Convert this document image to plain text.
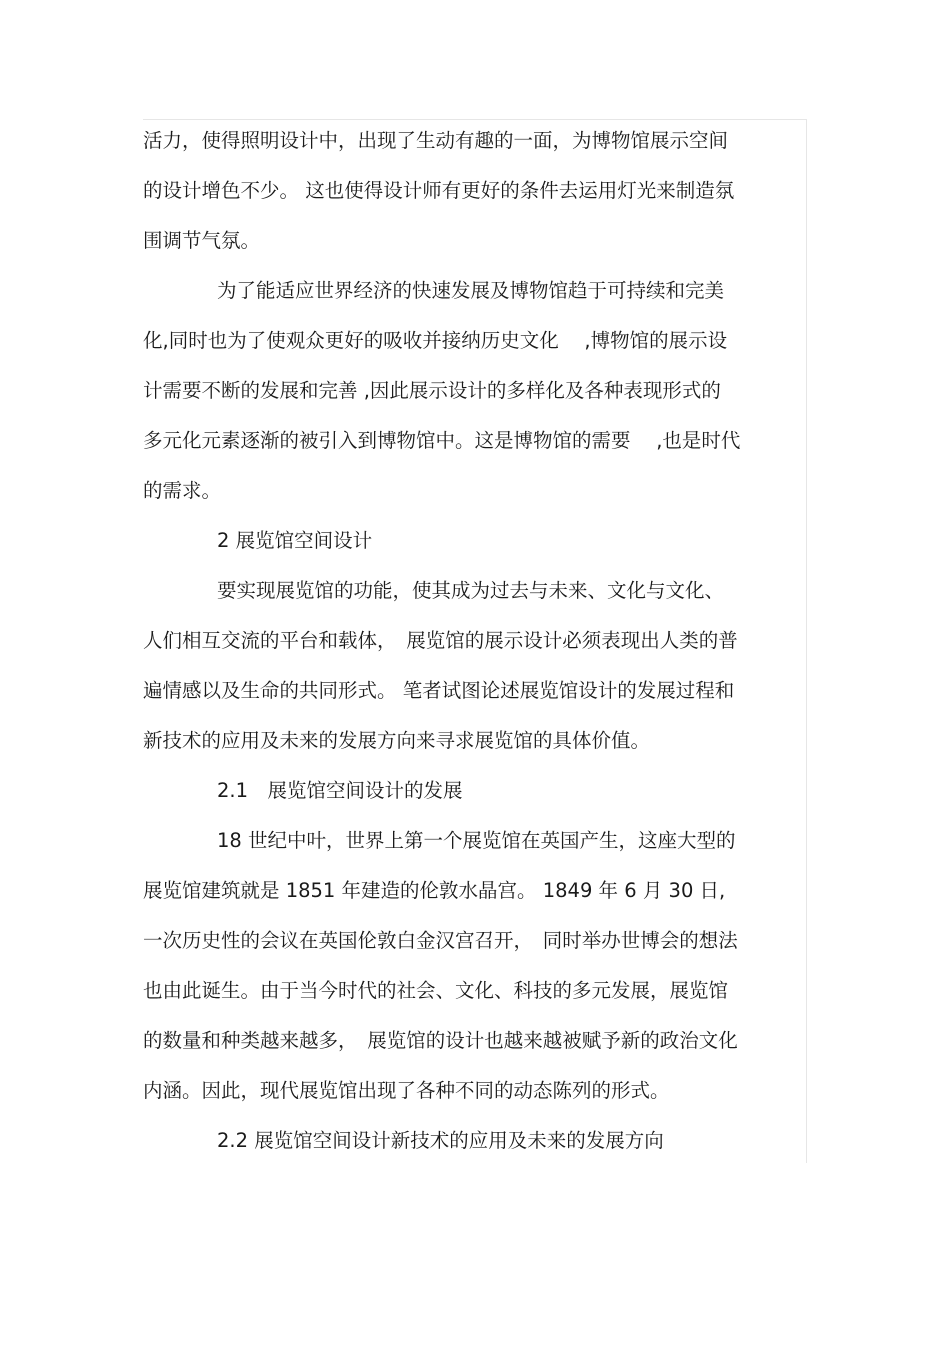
活力，使得照明设计中，出现了生动有趣的一面，为博物馆展示空间
的设计增色不少。 这也使得设计师有更好的条件去运用灯光来制造氛
围调节气氛。
为了能适应世界经济的快速发展及博物馆趋于可持续和完美
化,同时也为了使观众更好的吸收并接纳历史文化　 ,博物馆的展示设
计需要不断的发展和完善 ,因此展示设计的多样化及各种表现形式的
多元化元素逐渐的被引入到博物馆中。这是博物馆的需要 　,也是时代
的需求。
2 展览馆空间设计
要实现展览馆的功能，使其成为过去与未来、文化与文化、
人们相互交流的平台和载体，　展览馆的展示设计必须表现出人类的普
遍情感以及生命的共同形式。 笔者试图论述展览馆设计的发展过程和
新技术的应用及未来的发展方向来寻求展览馆的具体价值。
2.1　展览馆空间设计的发展
18 世纪中叶，世界上第一个展览馆在英国产生，这座大型的
展览馆建筑就是 1851 年建造的伦敦水晶宫。 1849 年 6 月 30 日,
一次历史性的会议在英国伦敦白金汉宫召开，　同时举办世博会的想法
也由此诞生。由于当今时代的社会、文化、科技的多元发展，展览馆
的数量和种类越来越多，　展览馆的设计也越来越被赋予新的政治文化
内涵。因此，现代展览馆出现了各种不同的动态陈列的形式。
2.2 展览馆空间设计新技术的应用及未来的发展方向
